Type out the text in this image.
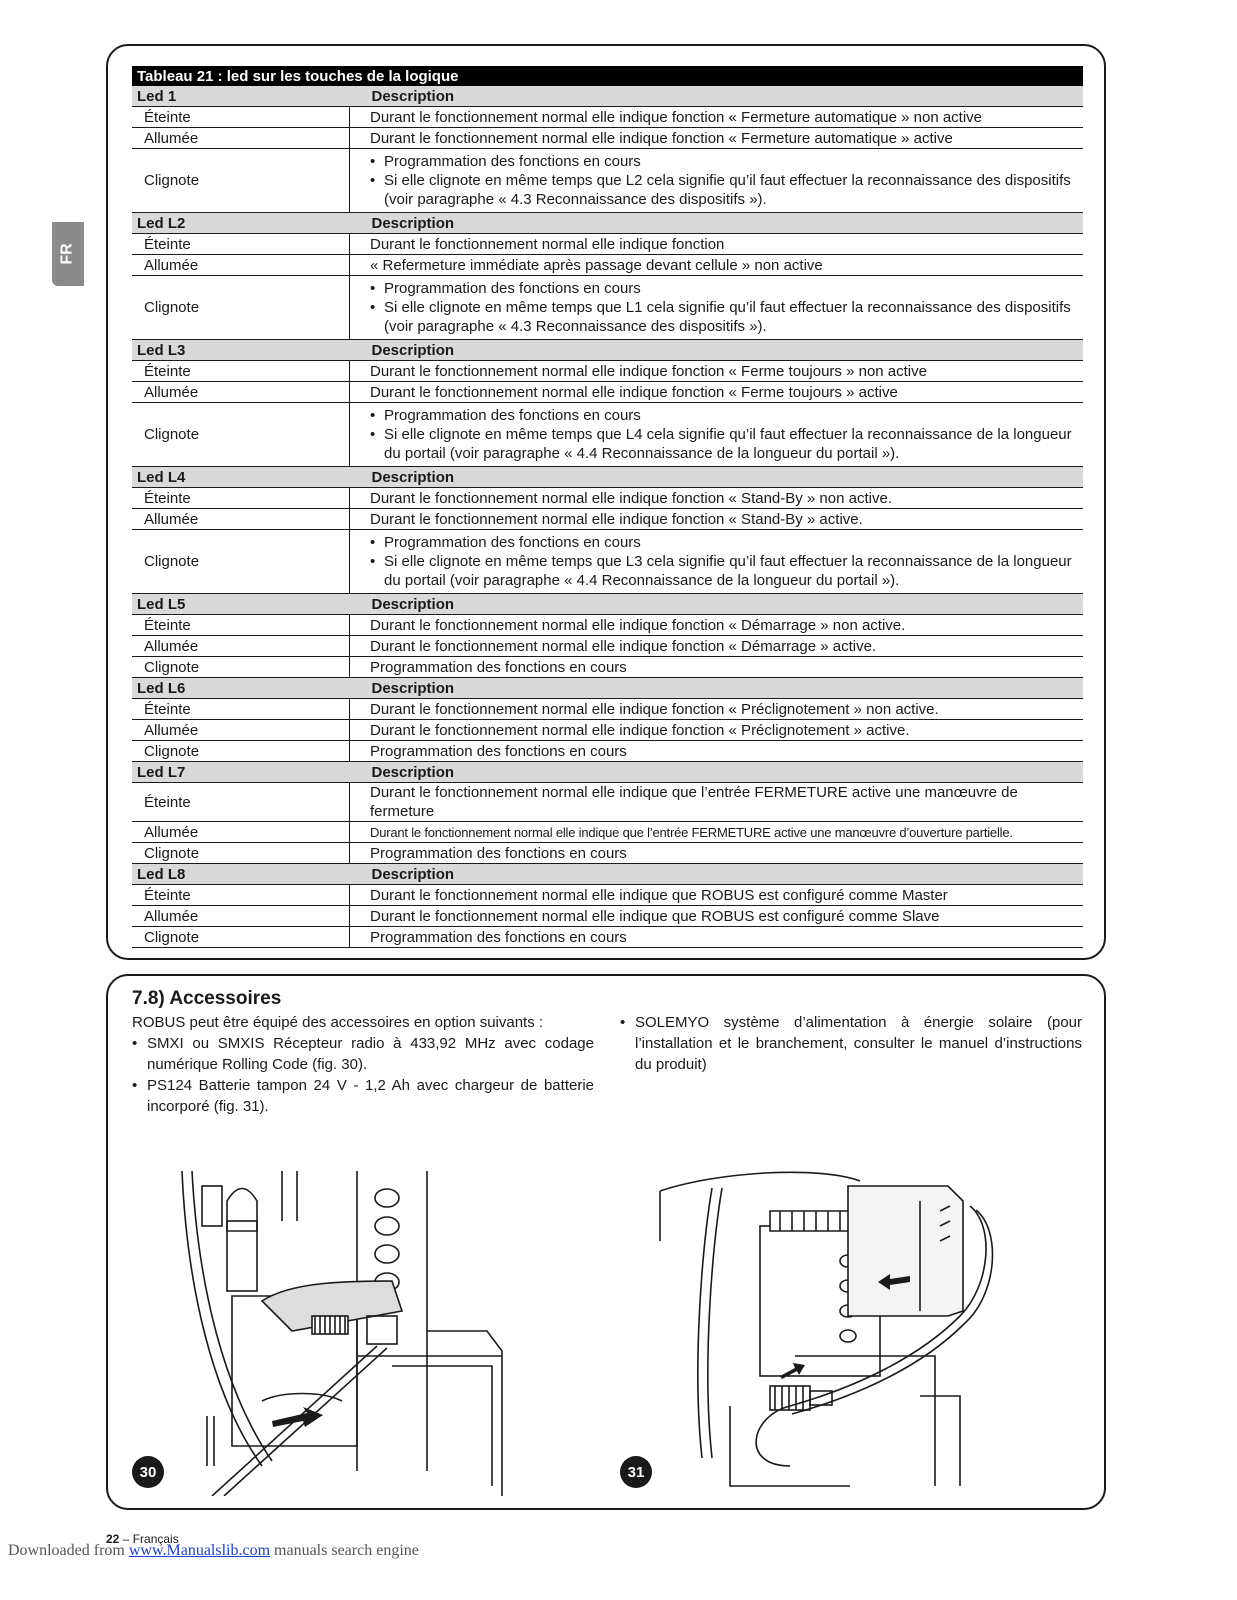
FR
Tableau 21 : led sur les touches de la logique	
Led 1	Description
Éteinte	Durant le fonctionnement normal elle indique fonction « Fermeture automatique » non active
Allumée	Durant le fonctionnement normal elle indique fonction « Fermeture automatique » active
Clignote	• Programmation des fonctions en cours
• Si elle clignote en même temps que L2 cela signifie qu’il faut effectuer la reconnaissance des dispositifs
(voir paragraphe « 4.3 Reconnaissance des dispositifs »).

Led L2	Description
Éteinte	Durant le fonctionnement normal elle indique fonction
Allumée	« Refermeture immédiate après passage devant cellule » non active
Clignote	• Programmation des fonctions en cours
• Si elle clignote en même temps que L1 cela signifie qu’il faut effectuer la reconnaissance des dispositifs
(voir paragraphe « 4.3 Reconnaissance des dispositifs »).

Led L3	Description
Éteinte	Durant le fonctionnement normal elle indique fonction « Ferme toujours » non active
Allumée	Durant le fonctionnement normal elle indique fonction « Ferme toujours » active
Clignote	• Programmation des fonctions en cours
• Si elle clignote en même temps que L4 cela signifie qu’il faut effectuer la reconnaissance de la longueur
du portail (voir paragraphe « 4.4 Reconnaissance de la longueur du portail »).

Led L4	Description
Éteinte	Durant le fonctionnement normal elle indique fonction « Stand-By » non active.
Allumée	Durant le fonctionnement normal elle indique fonction « Stand-By » active.
Clignote	• Programmation des fonctions en cours
• Si elle clignote en même temps que L3 cela signifie qu’il faut effectuer la reconnaissance de la longueur
du portail (voir paragraphe « 4.4 Reconnaissance de la longueur du portail »).

Led L5	Description
Éteinte	Durant le fonctionnement normal elle indique fonction « Démarrage » non active.
Allumée	Durant le fonctionnement normal elle indique fonction « Démarrage » active.
Clignote	Programmation des fonctions en cours
Led L6	Description
Éteinte	Durant le fonctionnement normal elle indique fonction « Préclignotement » non active.
Allumée	Durant le fonctionnement normal elle indique fonction « Préclignotement » active.
Clignote	Programmation des fonctions en cours
Led L7	Description
Éteinte	Durant le fonctionnement normal elle indique que l’entrée FERMETURE active une manœuvre de fermeture
Allumée	Durant le fonctionnement normal elle indique que l’entrée FERMETURE active une manœuvre d’ouverture partielle.
Clignote	Programmation des fonctions en cours
Led L8	Description
Éteinte	Durant le fonctionnement normal elle indique que ROBUS est configuré comme Master
Allumée	Durant le fonctionnement normal elle indique que ROBUS est configuré comme Slave
Clignote	Programmation des fonctions en cours
7.8) Accessoires
ROBUS peut être équipé des accessoires en option suivants :
• SMXI ou SMXIS Récepteur radio à 433,92 MHz avec codage numérique Rolling Code (fig. 30).
• PS124 Batterie tampon 24 V - 1,2 Ah avec chargeur de batterie incorporé (fig. 31).
• SOLEMYO système d’alimentation à énergie solaire (pour l’installation et le branchement, consulter le manuel d’instructions du produit)
30	31
22 – Français
Downloaded from www.Manualslib.com manuals search engine
